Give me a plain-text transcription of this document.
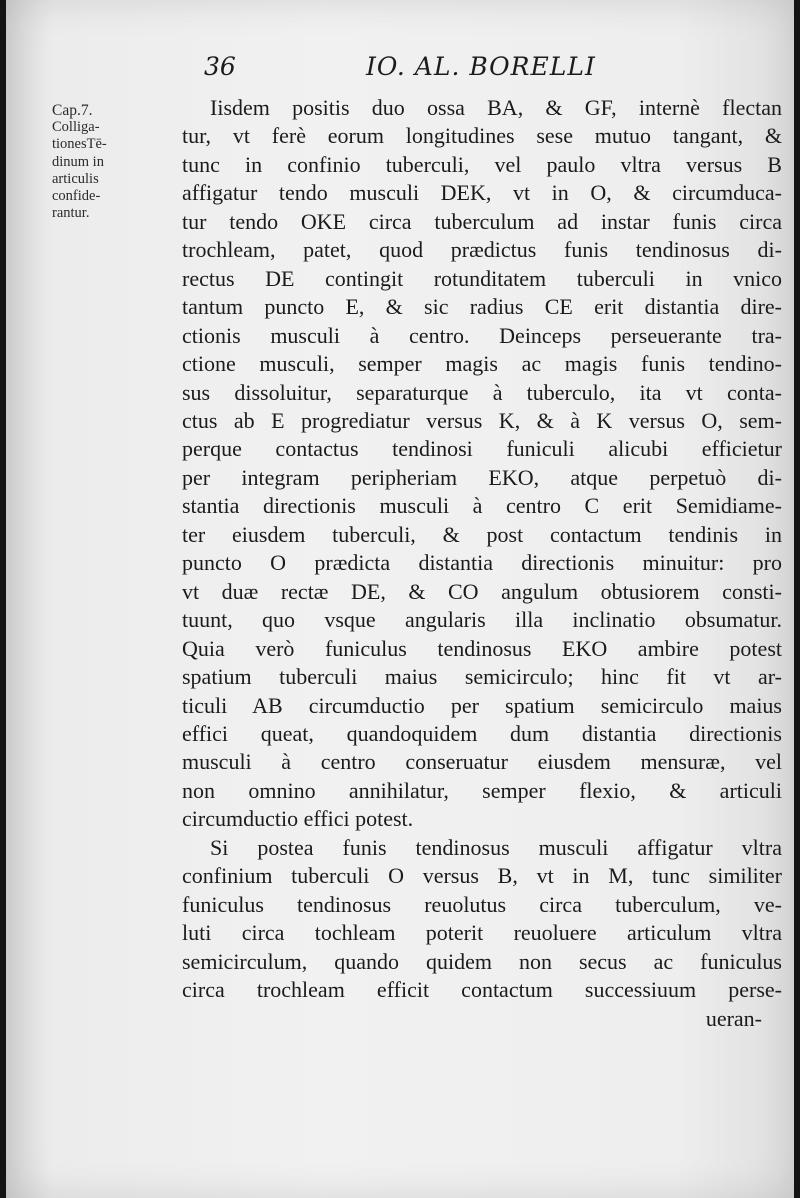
36	IO. AL. BORELLI
Cap.7.
Colliga-
tionesTē-
dinum in
articulis
confide-
rantur.
Iisdem positis duo ossa BA, & GF, internè flectan
tur, vt ferè eorum longitudines sese mutuo tangant, &
tunc in confinio tuberculi, vel paulo vltra versus B
affigatur tendo musculi DEK, vt in O, & circumduca-
tur tendo OKE circa tuberculum ad instar funis circa
trochleam, patet, quod prædictus funis tendinosus di-
rectus DE contingit rotunditatem tuberculi in vnico
tantum puncto E, & sic radius CE erit distantia dire-
ctionis musculi à centro. Deinceps perseuerante tra-
ctione musculi, semper magis ac magis funis tendino-
sus dissoluitur, separaturque à tuberculo, ita vt conta-
ctus ab E progrediatur versus K, & à K versus O, sem-
perque contactus tendinosi funiculi alicubi efficietur
per integram peripheriam EKO, atque perpetuò di-
stantia directionis musculi à centro C erit Semidiame-
ter eiusdem tuberculi, & post contactum tendinis in
puncto O prædicta distantia directionis minuitur: pro
vt duæ rectæ DE, & CO angulum obtusiorem consti-
tuunt, quo vsque angularis illa inclinatio obsumatur.
Quia verò funiculus tendinosus EKO ambire potest
spatium tuberculi maius semicirculo; hinc fit vt ar-
ticuli AB circumductio per spatium semicirculo maius
effici queat, quandoquidem dum distantia directionis
musculi à centro conseruatur eiusdem mensuræ, vel
non omnino annihilatur, semper flexio, & articuli
circumductio effici potest.
Si postea funis tendinosus musculi affigatur vltra
confinium tuberculi O versus B, vt in M, tunc similiter
funiculus tendinosus reuolutus circa tuberculum, ve-
luti circa tochleam poterit reuoluere articulum vltra
semicirculum, quando quidem non secus ac funiculus
circa trochleam efficit contactum successiuum perse-
ueran-
